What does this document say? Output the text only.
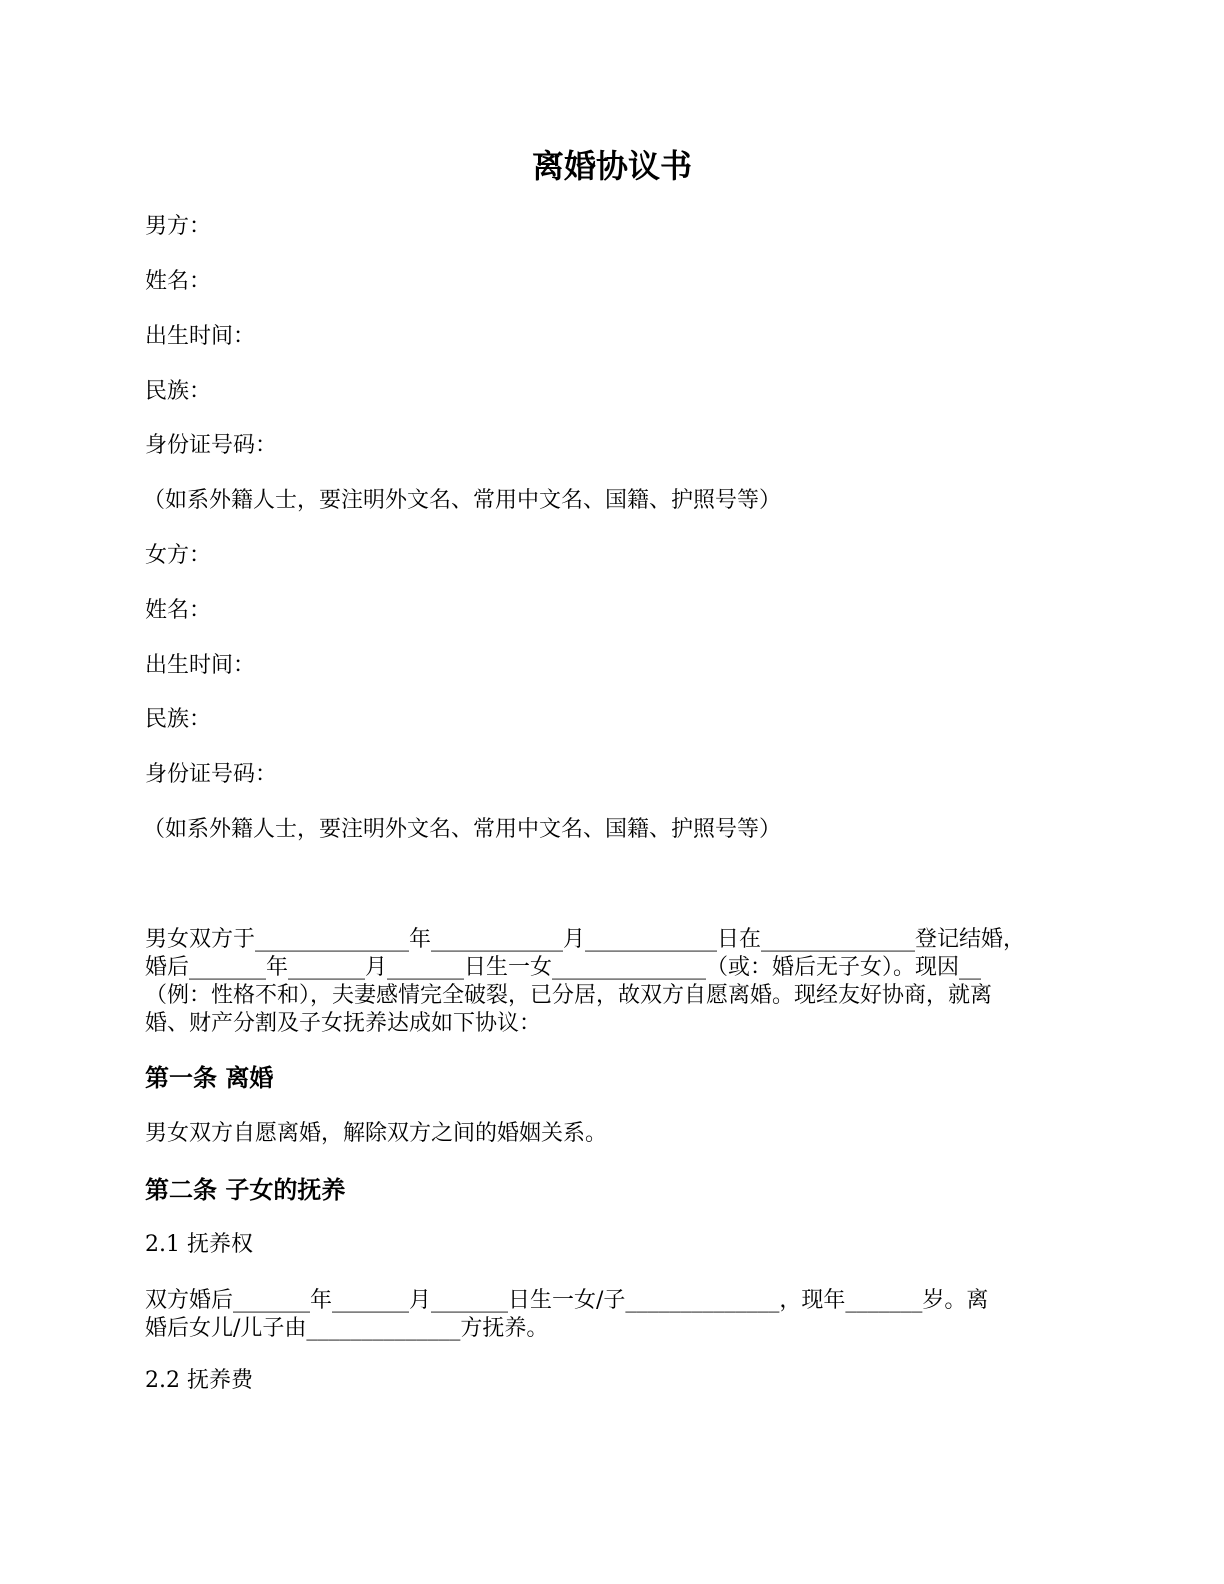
离婚协议书
男方：
姓名：
出生时间：
民族：
身份证号码：
（如系外籍人士，要注明外文名、常用中文名、国籍、护照号等）
女方：
姓名：
出生时间：
民族：
身份证号码：
（如系外籍人士，要注明外文名、常用中文名、国籍、护照号等）
男女双方于______________年____________月____________日在______________登记结婚，
婚后_______年_______月_______日生一女______________（或：婚后无子女）。现因__
（例：性格不和），夫妻感情完全破裂，已分居，故双方自愿离婚。现经友好协商，就离
婚、财产分割及子女抚养达成如下协议：
第一条 离婚
男女双方自愿离婚，解除双方之间的婚姻关系。
第二条 子女的抚养
2.1 抚养权
双方婚后_______年_______月_______日生一女/子______________，现年_______岁。离
婚后女儿/儿子由______________方抚养。
2.2 抚养费
